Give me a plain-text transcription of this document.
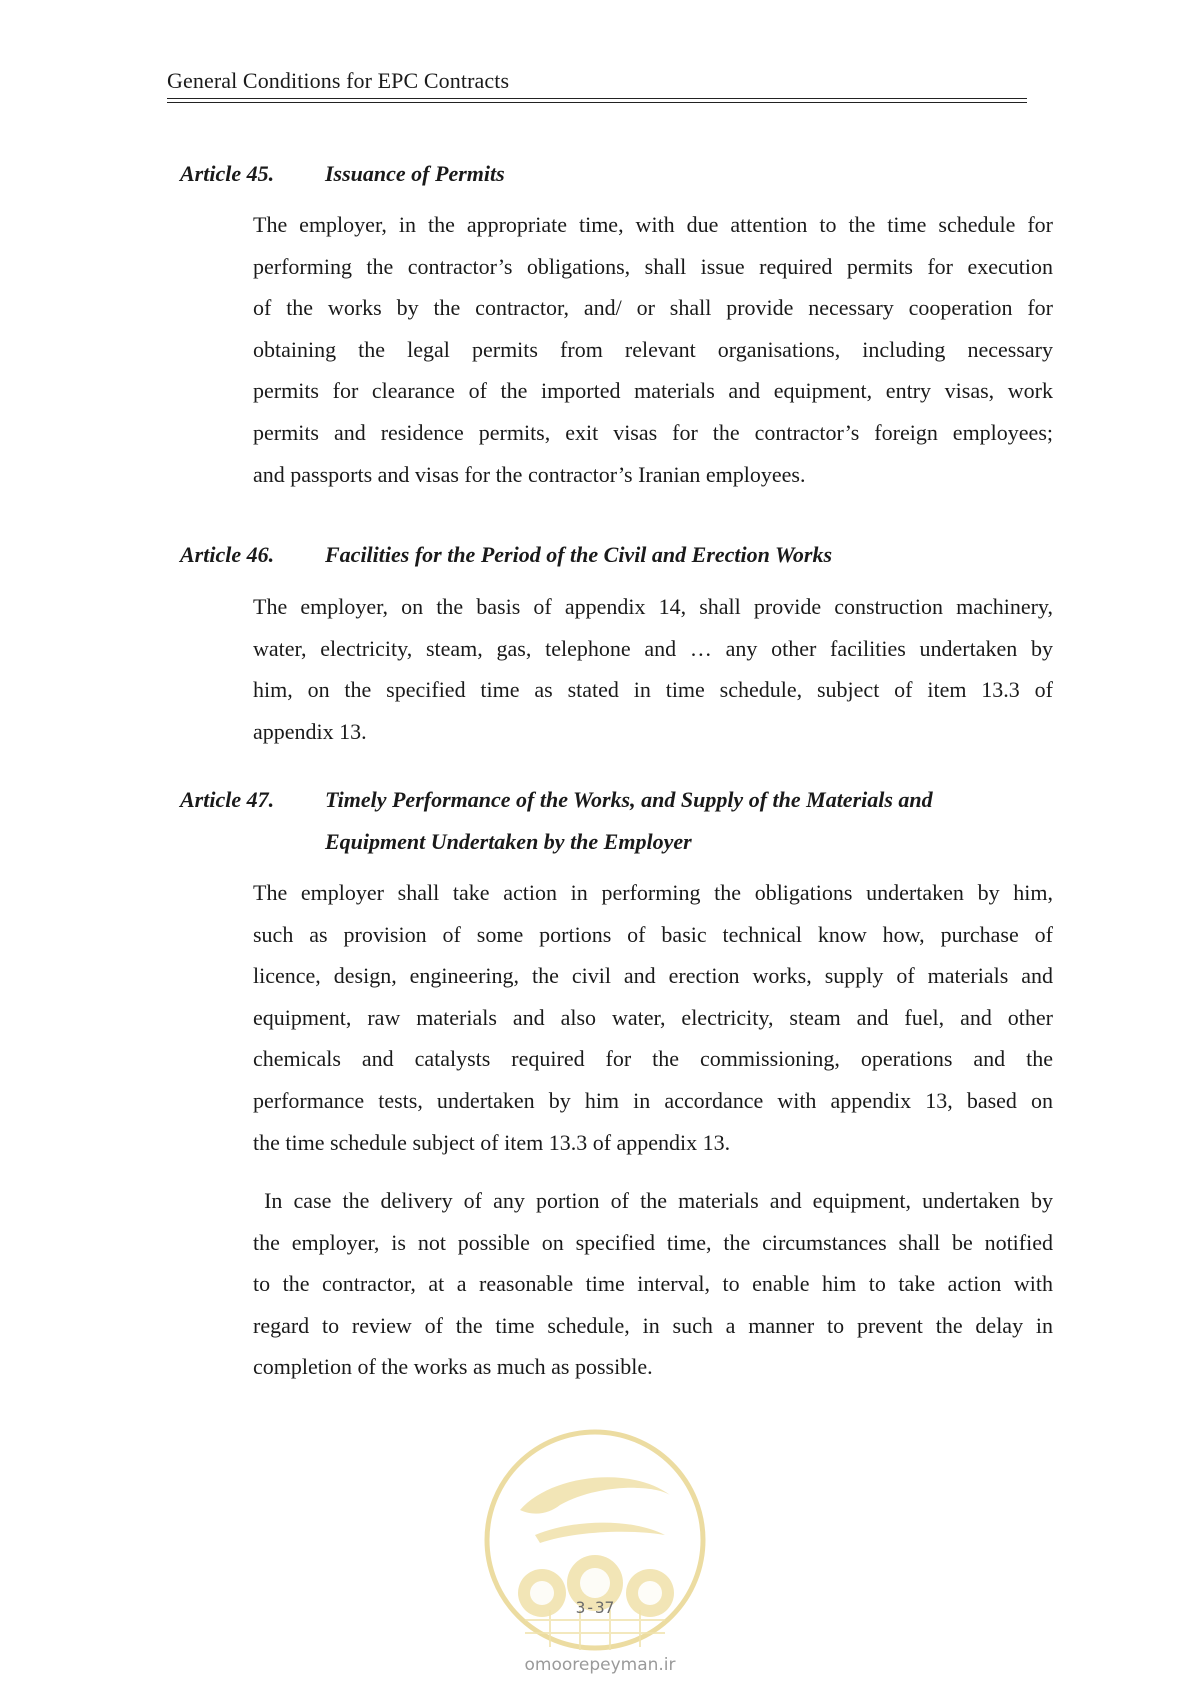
General Conditions for EPC Contracts
Article 45. Issuance of Permits
The employer, in the appropriate time, with due attention to the time schedule for
performing the contractor’s obligations, shall issue required permits for execution
of the works by the contractor, and/ or shall provide necessary cooperation for
obtaining the legal permits from relevant organisations, including necessary
permits for clearance of the imported materials and equipment, entry visas, work
permits and residence permits, exit visas for the contractor’s foreign employees;
and passports and visas for the contractor’s Iranian employees.
Article 46. Facilities for the Period of the Civil and Erection Works
The employer, on the basis of appendix 14, shall provide construction machinery,
water, electricity, steam, gas, telephone and … any other facilities undertaken by
him, on the specified time as stated in time schedule, subject of item 13.3 of
appendix 13.
Article 47. Timely Performance of the Works, and Supply of the Materials and
Equipment Undertaken by the Employer
The employer shall take action in performing the obligations undertaken by him,
such as provision of some portions of basic technical know how, purchase of
licence, design, engineering, the civil and erection works, supply of materials and
equipment, raw materials and also water, electricity, steam and fuel, and other
chemicals and catalysts required for the commissioning, operations and the
performance tests, undertaken by him in accordance with appendix 13, based on
the time schedule subject of item 13.3 of appendix 13.
In case the delivery of any portion of the materials and equipment, undertaken by
the employer, is not possible on specified time, the circumstances shall be notified
to the contractor, at a reasonable time interval, to enable him to take action with
regard to review of the time schedule, in such a manner to prevent the delay in
completion of the works as much as possible.
3-37
omoorepeyman.ir
